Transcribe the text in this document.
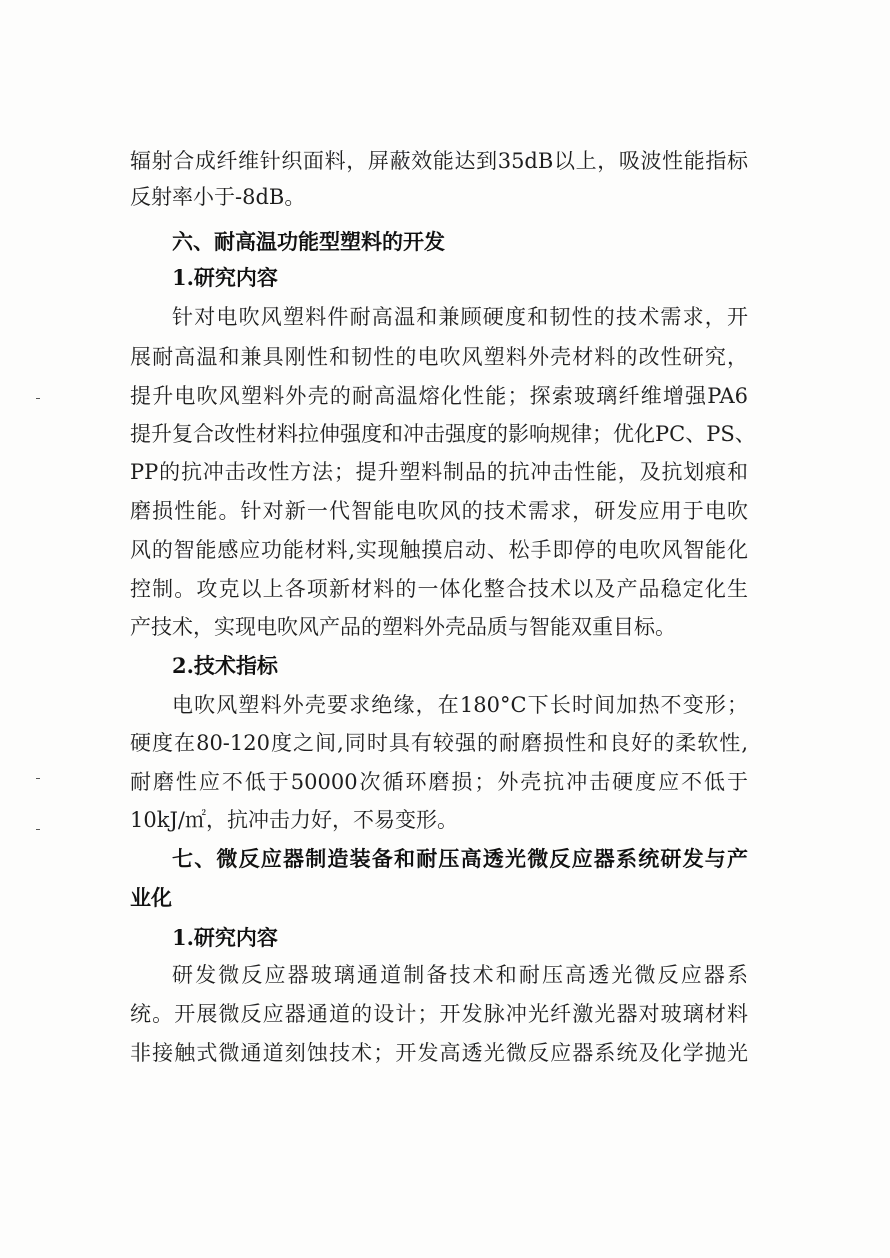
辐射合成纤维针织面料，屏蔽效能达到35dB以上，吸波性能指标
反射率小于-8dB。
六、耐高温功能型塑料的开发
1.研究内容
针对电吹风塑料件耐高温和兼顾硬度和韧性的技术需求，开
展耐高温和兼具刚性和韧性的电吹风塑料外壳材料的改性研究，
提升电吹风塑料外壳的耐高温熔化性能；探索玻璃纤维增强PA6
提升复合改性材料拉伸强度和冲击强度的影响规律；优化PC、PS、
PP的抗冲击改性方法；提升塑料制品的抗冲击性能，及抗划痕和
磨损性能。针对新一代智能电吹风的技术需求，研发应用于电吹
风的智能感应功能材料,实现触摸启动、松手即停的电吹风智能化
控制。攻克以上各项新材料的一体化整合技术以及产品稳定化生
产技术，实现电吹风产品的塑料外壳品质与智能双重目标。
2.技术指标
电吹风塑料外壳要求绝缘，在180°C下长时间加热不变形；
硬度在80-120度之间,同时具有较强的耐磨损性和良好的柔软性,
耐磨性应不低于50000次循环磨损；外壳抗冲击硬度应不低于
10kJ/㎡，抗冲击力好，不易变形。
七、微反应器制造装备和耐压高透光微反应器系统研发与产
业化
1.研究内容
研发微反应器玻璃通道制备技术和耐压高透光微反应器系
统。开展微反应器通道的设计；开发脉冲光纤激光器对玻璃材料
非接触式微通道刻蚀技术；开发高透光微反应器系统及化学抛光
